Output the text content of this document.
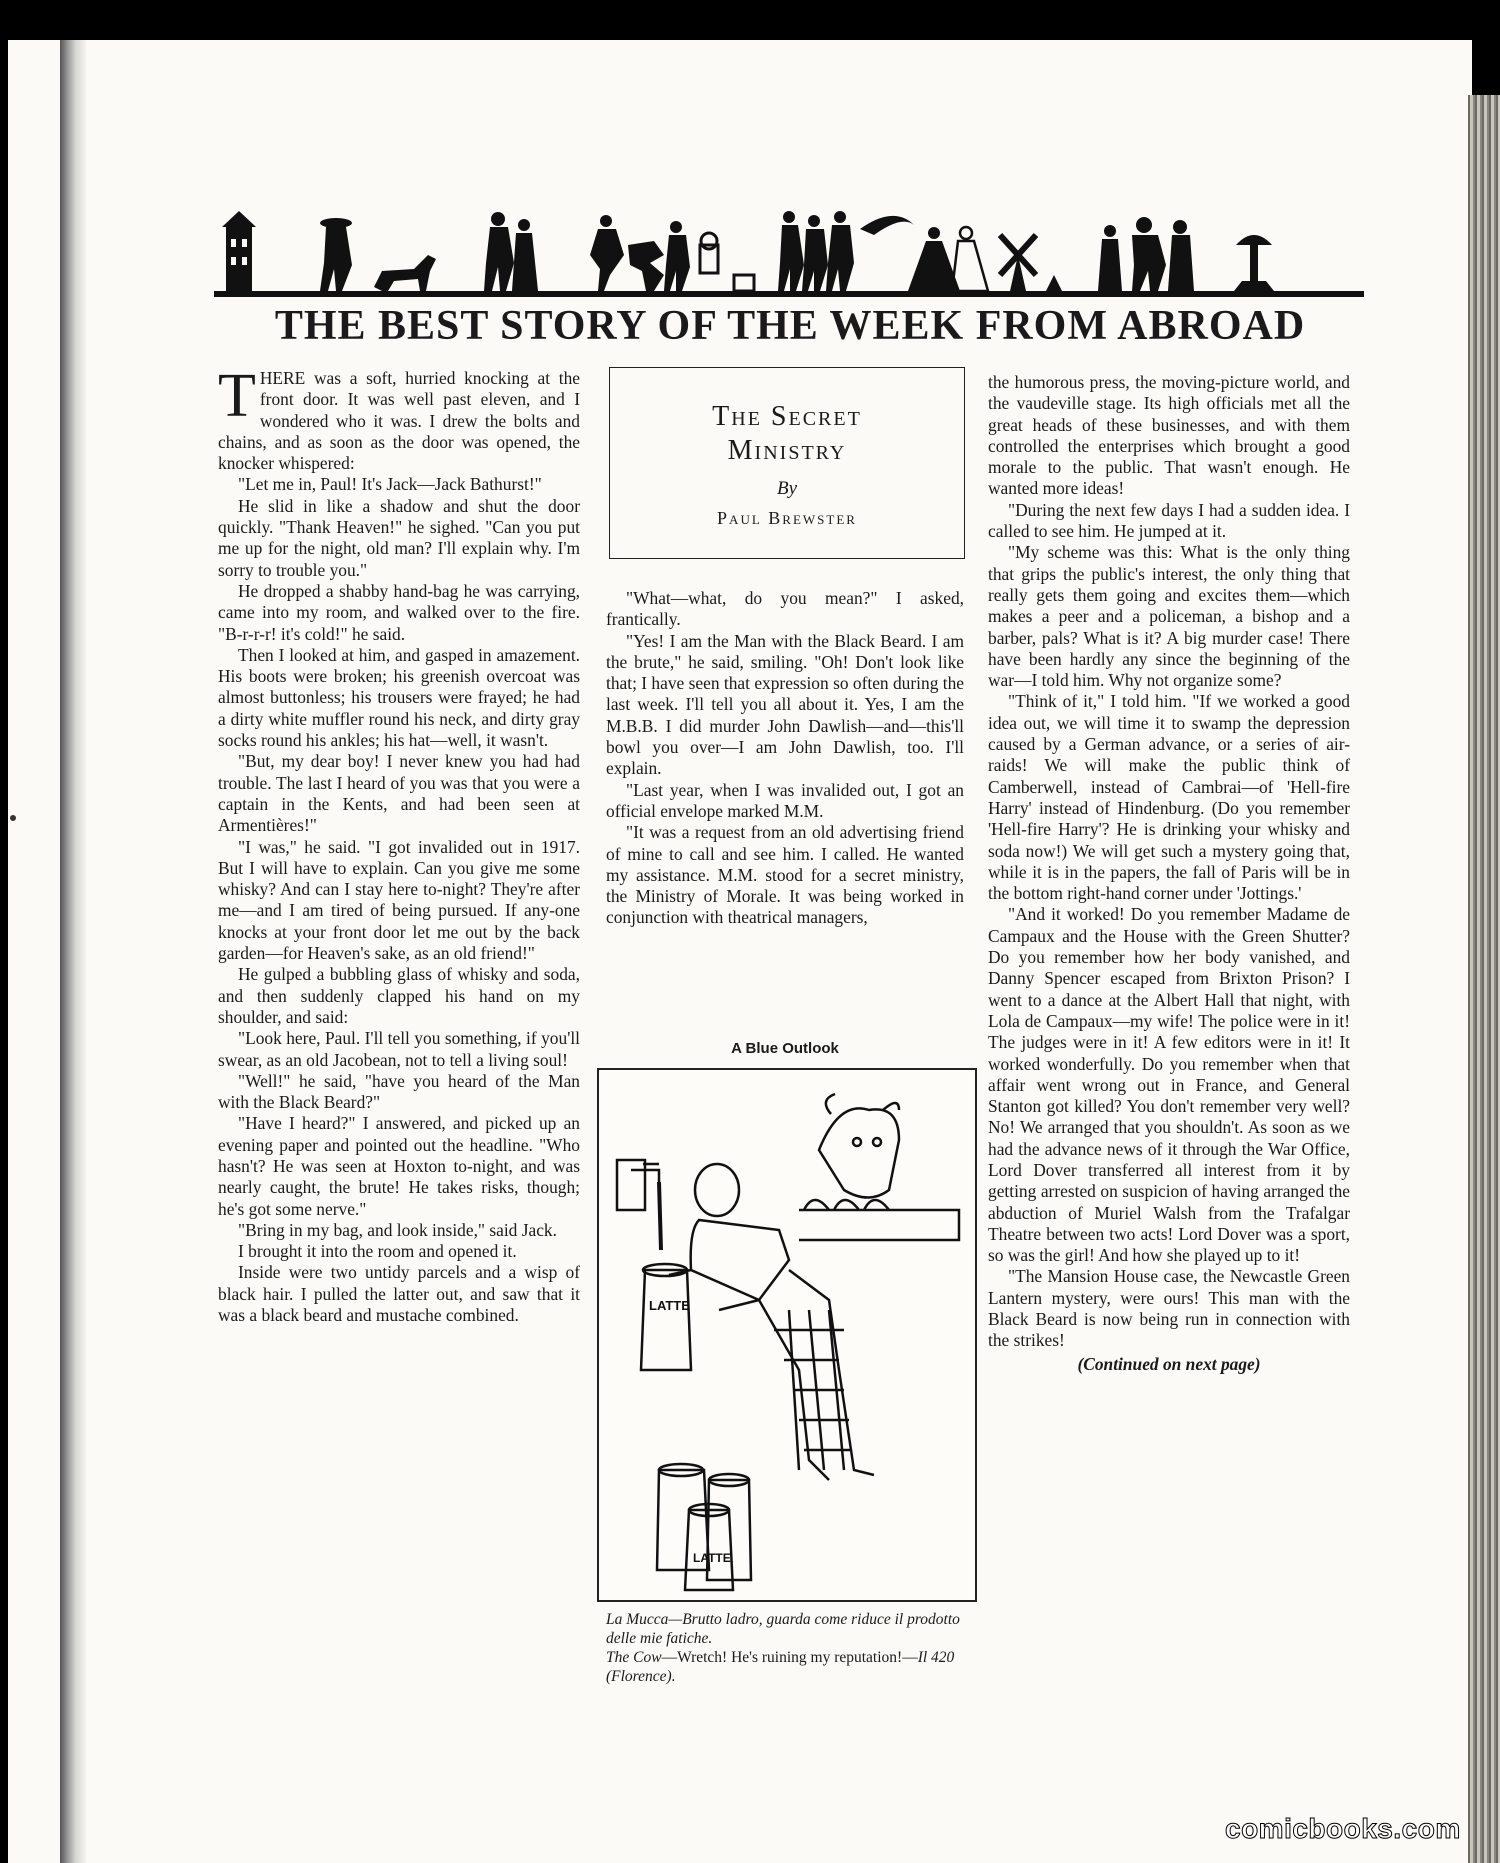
THE BEST STORY OF THE WEEK FROM ABROAD

THERE was a soft, hurried knocking at the front door. It was well past eleven, and I wondered who it was. I drew the bolts and chains, and as soon as the door was opened, the knocker whispered:

"Let me in, Paul! It's Jack—Jack Bathurst!"

He slid in like a shadow and shut the door quickly. "Thank Heaven!" he sighed. "Can you put me up for the night, old man? I'll explain why. I'm sorry to trouble you."

He dropped a shabby hand-bag he was carrying, came into my room, and walked over to the fire. "B-r-r-r! it's cold!" he said.

Then I looked at him, and gasped in amazement. His boots were broken; his greenish overcoat was almost buttonless; his trousers were frayed; he had a dirty white muffler round his neck, and dirty gray socks round his ankles; his hat—well, it wasn't.

"But, my dear boy! I never knew you had had trouble. The last I heard of you was that you were a captain in the Kents, and had been seen at Armentières!"

"I was," he said. "I got invalided out in 1917. But I will have to explain. Can you give me some whisky? And can I stay here to-night? They're after me—and I am tired of being pursued. If any-one knocks at your front door let me out by the back garden—for Heaven's sake, as an old friend!"

He gulped a bubbling glass of whisky and soda, and then suddenly clapped his hand on my shoulder, and said:

"Look here, Paul. I'll tell you something, if you'll swear, as an old Jacobean, not to tell a living soul!

"Well!" he said, "have you heard of the Man with the Black Beard?"

"Have I heard?" I answered, and picked up an evening paper and pointed out the headline. "Who hasn't? He was seen at Hoxton to-night, and was nearly caught, the brute! He takes risks, though; he's got some nerve."

"Bring in my bag, and look inside," said Jack.

I brought it into the room and opened it.

Inside were two untidy parcels and a wisp of black hair. I pulled the latter out, and saw that it was a black beard and mustache combined.

The Secret
Ministry
By
Paul Brewster

"What—what, do you mean?" I asked, frantically.

"Yes! I am the Man with the Black Beard. I am the brute," he said, smiling. "Oh! Don't look like that; I have seen that expression so often during the last week. I'll tell you all about it. Yes, I am the M.B.B. I did murder John Dawlish—and—this'll bowl you over—I am John Dawlish, too. I'll explain.

"Last year, when I was invalided out, I got an official envelope marked M.M.

"It was a request from an old advertising friend of mine to call and see him. I called. He wanted my assistance. M.M. stood for a secret ministry, the Ministry of Morale. It was being worked in conjunction with theatrical managers,

A Blue Outlook
LATTE
LATTE

La Mucca—Brutto ladro, guarda come riduce il prodotto delle mie fatiche.

The Cow—Wretch! He's ruining my reputation!—Il 420 (Florence).

the humorous press, the moving-picture world, and the vaudeville stage. Its high officials met all the great heads of these businesses, and with them controlled the enterprises which brought a good morale to the public. That wasn't enough. He wanted more ideas!

"During the next few days I had a sudden idea. I called to see him. He jumped at it.

"My scheme was this: What is the only thing that grips the public's interest, the only thing that really gets them going and excites them—which makes a peer and a policeman, a bishop and a barber, pals? What is it? A big murder case! There have been hardly any since the beginning of the war—I told him. Why not organize some?

"Think of it," I told him. "If we worked a good idea out, we will time it to swamp the depression caused by a German advance, or a series of air-raids! We will make the public think of Camberwell, instead of Cambrai—of 'Hell-fire Harry' instead of Hindenburg. (Do you remember 'Hell-fire Harry'? He is drinking your whisky and soda now!) We will get such a mystery going that, while it is in the papers, the fall of Paris will be in the bottom right-hand corner under 'Jottings.'

"And it worked! Do you remember Madame de Campaux and the House with the Green Shutter? Do you remember how her body vanished, and Danny Spencer escaped from Brixton Prison? I went to a dance at the Albert Hall that night, with Lola de Campaux—my wife! The police were in it! The judges were in it! A few editors were in it! It worked wonderfully. Do you remember when that affair went wrong out in France, and General Stanton got killed? You don't remember very well? No! We arranged that you shouldn't. As soon as we had the advance news of it through the War Office, Lord Dover transferred all interest from it by getting arrested on suspicion of having arranged the abduction of Muriel Walsh from the Trafalgar Theatre between two acts! Lord Dover was a sport, so was the girl! And how she played up to it!

"The Mansion House case, the Newcastle Green Lantern mystery, were ours! This man with the Black Beard is now being run in connection with the strikes!

(Continued on next page)
comicbooks.com
